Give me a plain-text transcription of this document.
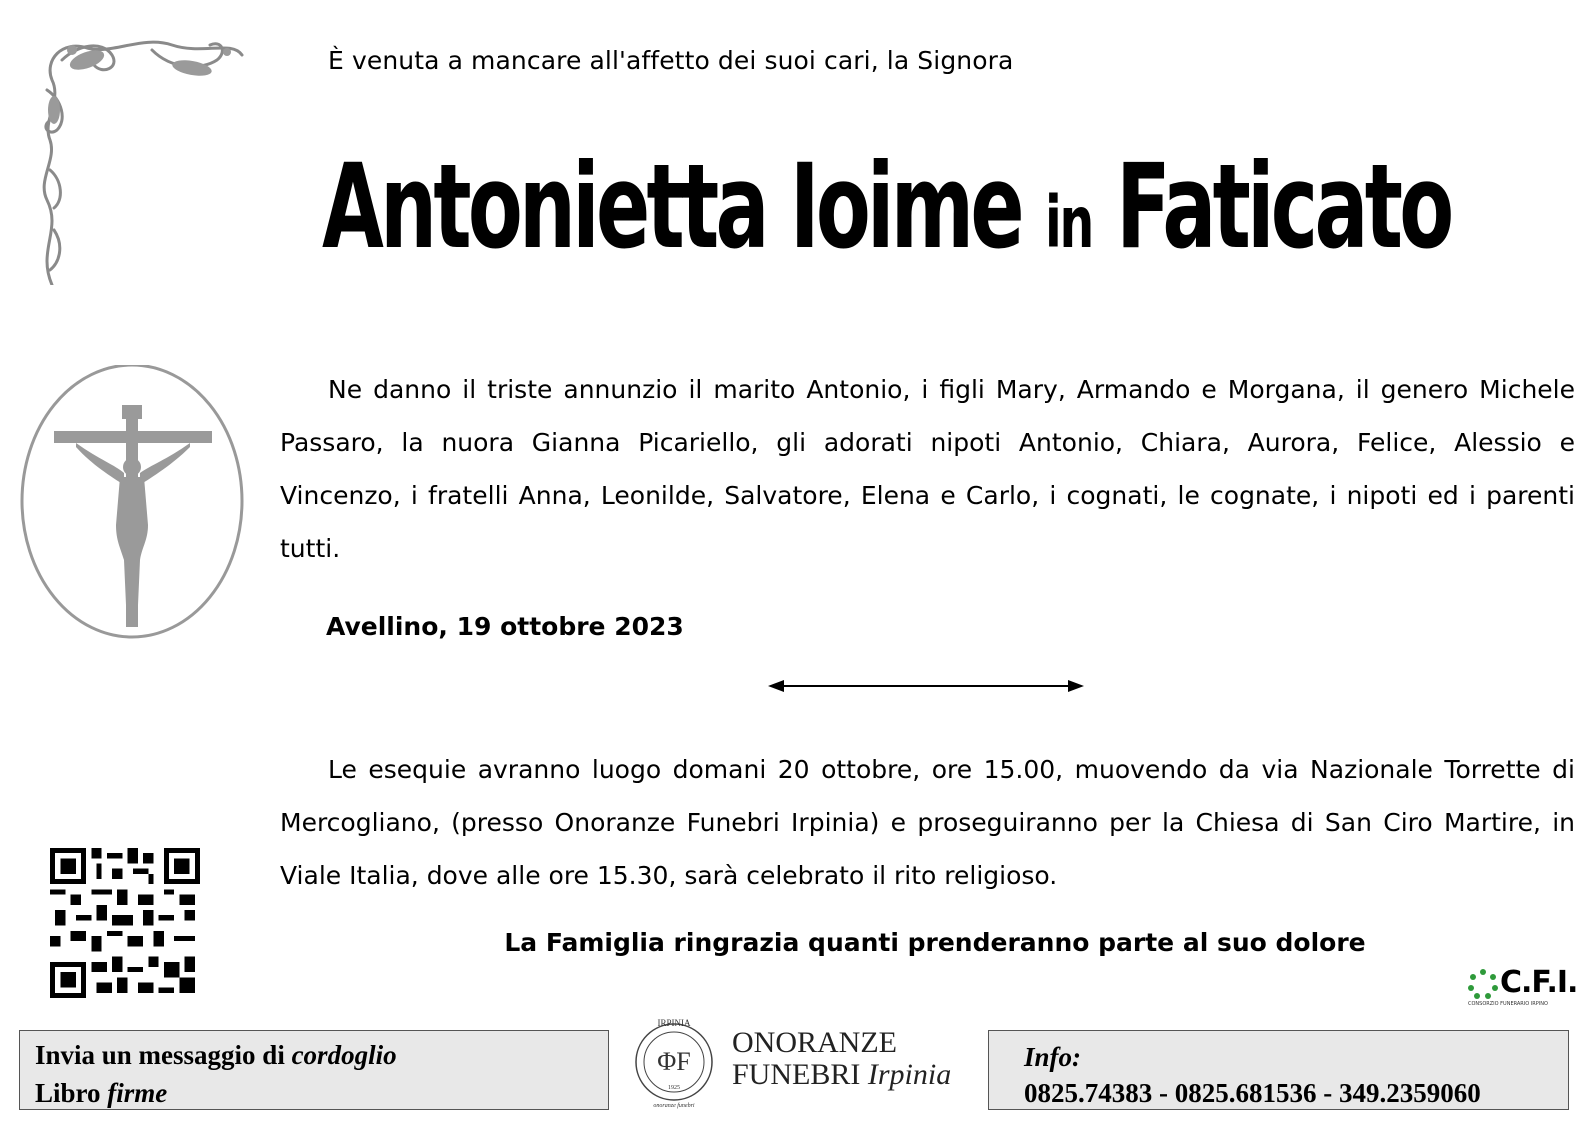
È venuta a mancare all'affetto dei suoi cari, la Signora
Antonietta Ioime in Faticato
Ne danno il triste annunzio il marito Antonio, i figli Mary, Armando e Morgana, il genero Michele Passaro, la nuora Gianna Picariello, gli adorati nipoti Antonio, Chiara, Aurora, Felice, Alessio e Vincenzo, i fratelli Anna, Leonilde, Salvatore, Elena e Carlo, i cognati, le cognate, i nipoti ed i parenti tutti.
Avellino, 19 ottobre 2023
Le esequie avranno luogo domani 20 ottobre, ore 15.00, muovendo da via Nazionale Torrette di Mercogliano, (presso Onoranze Funebri Irpinia) e proseguiranno per la Chiesa di San Ciro Martire, in Viale Italia, dove alle ore 15.30, sarà celebrato il rito religioso.
La Famiglia ringrazia quanti prenderanno parte al suo dolore
C.F.I.
CONSORZIO FUNERARIO IRPINO
Invia un messaggio di cordoglio
Libro firme
IRPINIA
ΦF
1925
onoranze funebri
ONORANZE
FUNEBRI Irpinia
Info:
0825.74383 - 0825.681536 - 349.2359060
